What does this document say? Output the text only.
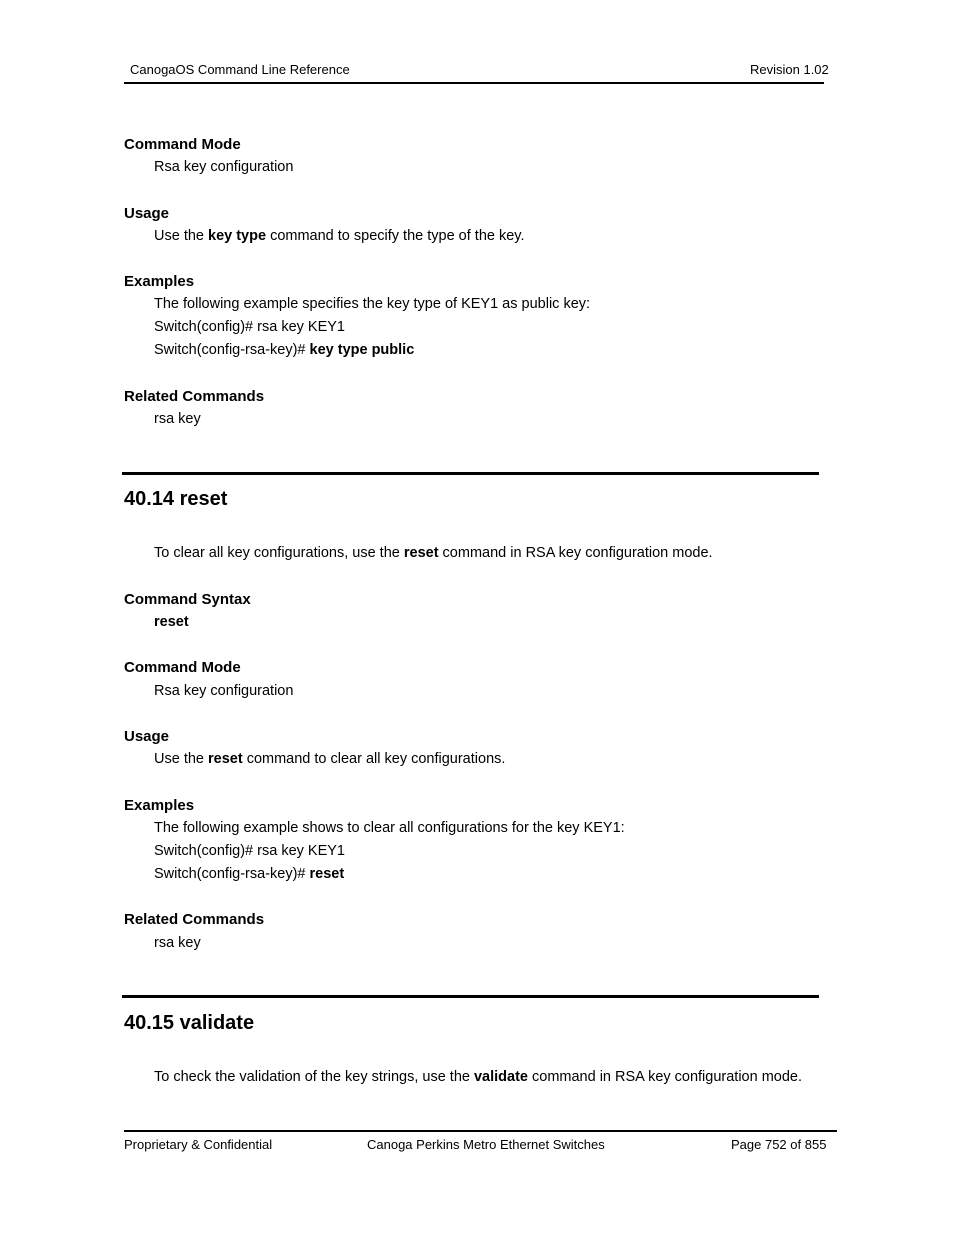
CanogaOS Command Line Reference	Revision 1.02
Command Mode
Rsa key configuration
Usage
Use the key type command to specify the type of the key.
Examples
The following example specifies the key type of KEY1 as public key:
Switch(config)# rsa key KEY1
Switch(config-rsa-key)# key type public
Related Commands
rsa key
40.14 reset
To clear all key configurations, use the reset command in RSA key configuration mode.
Command Syntax
reset
Command Mode
Rsa key configuration
Usage
Use the reset command to clear all key configurations.
Examples
The following example shows to clear all configurations for the key KEY1:
Switch(config)# rsa key KEY1
Switch(config-rsa-key)# reset
Related Commands
rsa key
40.15 validate
To check the validation of the key strings, use the validate command in RSA key configuration mode.
Proprietary & Confidential	Canoga Perkins Metro Ethernet Switches	Page 752 of 855
